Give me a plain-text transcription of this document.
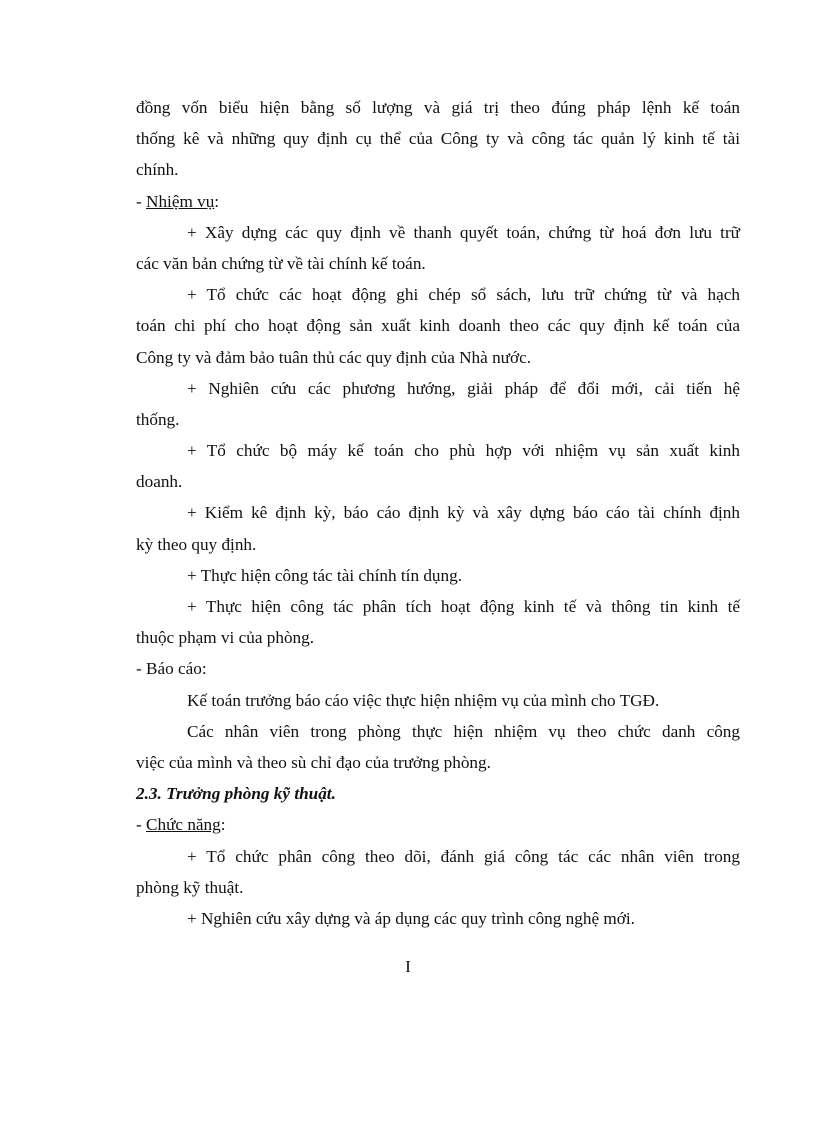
đồng vốn biểu hiện bằng số lượng và giá trị theo đúng pháp lệnh kế toán

thống kê và những quy định cụ thể của Công ty và công tác quản lý kinh tế tài

chính.

- Nhiệm vụ:

+ Xây dựng các quy định về thanh quyết toán, chứng từ hoá đơn lưu trữ

các văn bản chứng từ về tài chính kế toán.

+ Tổ chức các hoạt động ghi chép sổ sách, lưu trữ chứng từ và hạch

toán chi phí cho hoạt động sản xuất kinh doanh theo các quy định kế toán của

Công ty và đảm bảo tuân thủ các quy định của Nhà nước.

+ Nghiên cứu các phương hướng, giải pháp để đổi mới, cải tiến hệ

thống.

+ Tổ chức bộ máy kế toán cho phù hợp với nhiệm vụ sản xuất kinh

doanh.

+ Kiểm kê định kỳ, báo cáo định kỳ và xây dựng báo cáo tài chính định

kỳ theo quy định.

+ Thực hiện công tác tài chính tín dụng.

+ Thực hiện công tác phân tích hoạt động kinh tế và thông tin kinh tế

thuộc phạm vi của phòng.

- Báo cáo:

Kế toán trưởng báo cáo việc thực hiện nhiệm vụ của mình cho TGĐ.

Các nhân viên trong phòng thực hiện nhiệm vụ theo chức danh công

việc của mình và theo sù chỉ đạo của trưởng phòng.

2.3. Trưởng phòng kỹ thuật.

- Chức năng:

+ Tổ chức phân công theo dõi, đánh giá công tác các nhân viên trong

phòng kỹ thuật.

+ Nghiên cứu xây dựng và áp dụng các quy trình công nghệ mới.

I
